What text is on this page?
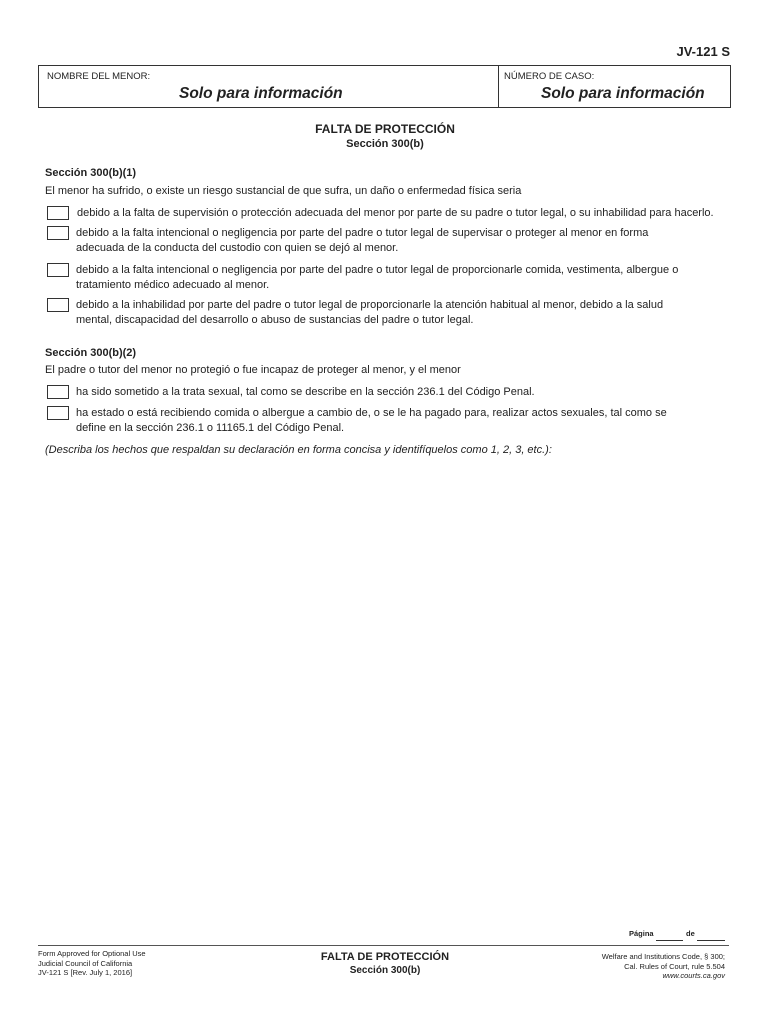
JV-121 S
NOMBRE DEL MENOR:
Solo para información
NÚMERO DE CASO:
Solo para información
FALTA DE PROTECCIÓN
Sección 300(b)
Sección 300(b)(1)
El menor ha sufrido, o existe un riesgo sustancial de que sufra, un daño o enfermedad física seria
debido a la falta de supervisión o protección adecuada del menor por parte de su padre o tutor legal, o su inhabilidad para hacerlo.
debido a la falta intencional o negligencia por parte del padre o tutor legal de supervisar o proteger al menor en forma
adecuada de la conducta del custodio con quien se dejó al menor.
debido a la falta intencional o negligencia por parte del padre o tutor legal de proporcionarle comida, vestimenta, albergue o
tratamiento médico adecuado al menor.
debido a la inhabilidad por parte del padre o tutor legal de proporcionarle la atención habitual al menor, debido a la salud
mental, discapacidad del desarrollo o abuso de sustancias del padre o tutor legal.
Sección 300(b)(2)
El padre o tutor del menor no protegió o fue incapaz de proteger al menor, y el menor
ha sido sometido a la trata sexual, tal como se describe en la sección 236.1 del Código Penal.
ha estado o está recibiendo comida o albergue a cambio de, o se le ha pagado para, realizar actos sexuales, tal como se
define en la sección 236.1 o 11165.1 del Código Penal.
(Describa los hechos que respaldan su declaración en forma concisa y identifíquelos como 1, 2, 3, etc.):
Página	de
Form Approved for Optional Use
Judicial Council of California
JV-121 S [Rev. July 1, 2016]
FALTA DE PROTECCIÓN
Sección 300(b)
Welfare and Institutions Code, § 300;
Cal. Rules of Court, rule 5.504
www.courts.ca.gov
